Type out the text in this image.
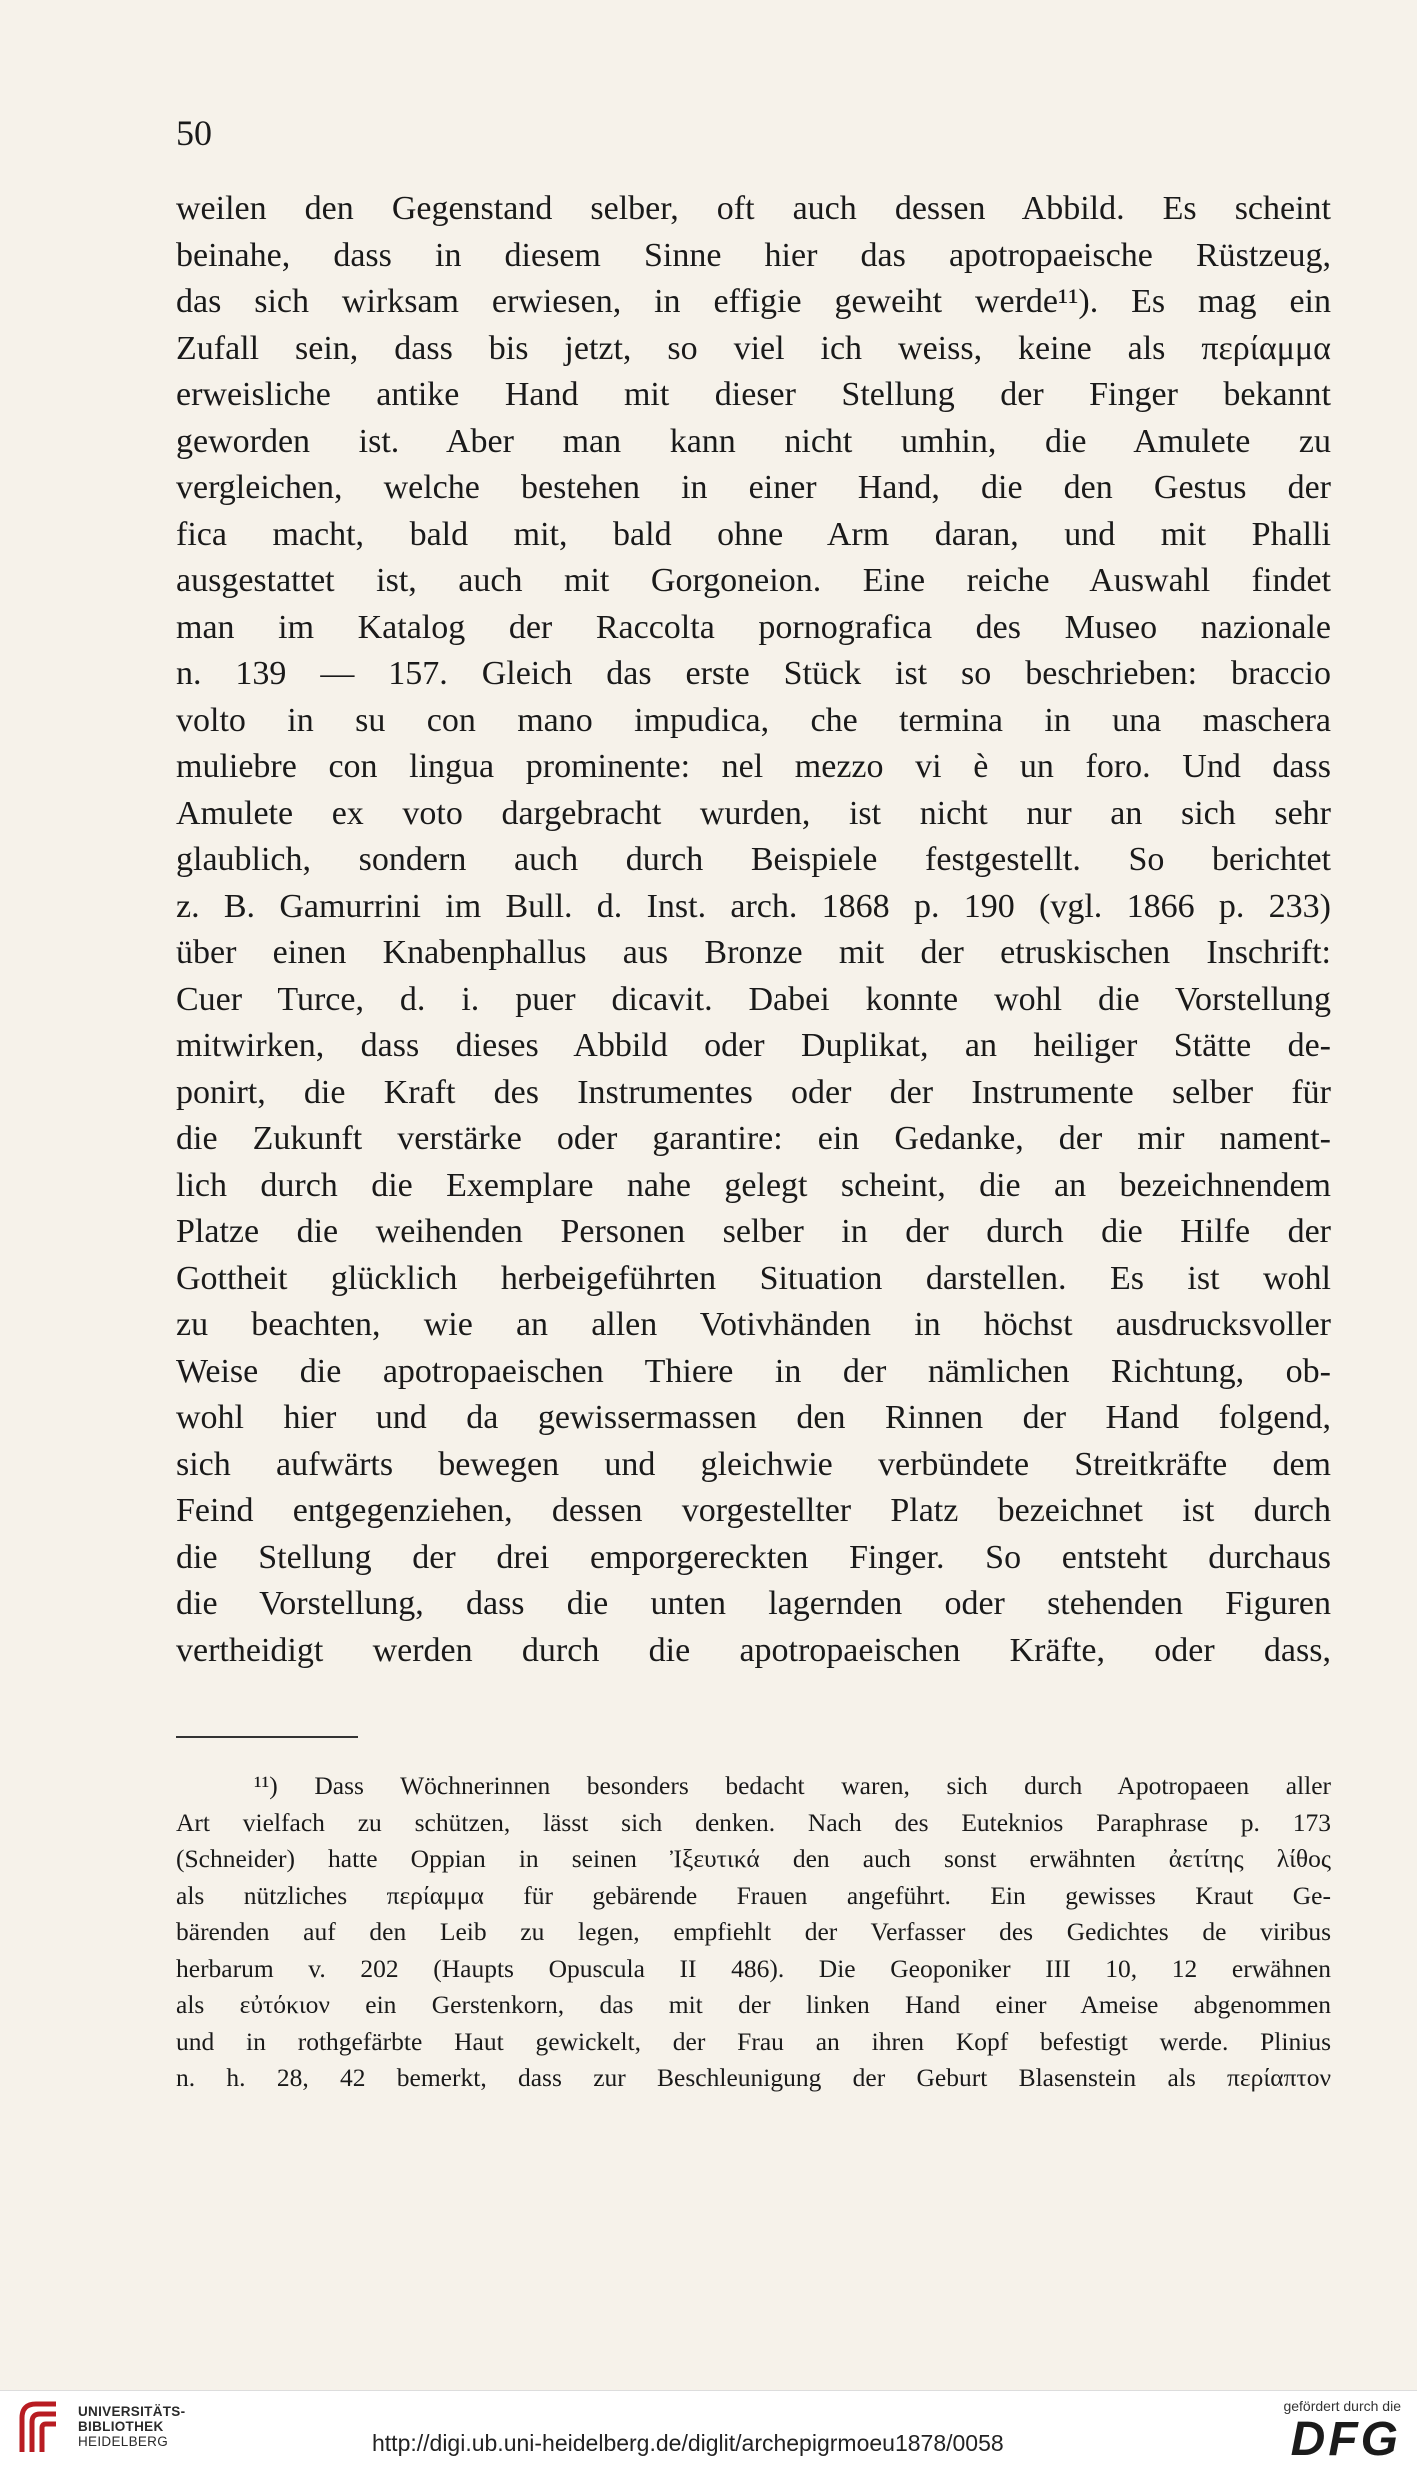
50
weilen den Gegenstand selber, oft auch dessen Abbild. Es scheint
beinahe, dass in diesem Sinne hier das apotropaeische Rüstzeug,
das sich wirksam erwiesen, in effigie geweiht werde¹¹). Es mag ein
Zufall sein, dass bis jetzt, so viel ich weiss, keine als περίαμμα
erweisliche antike Hand mit dieser Stellung der Finger bekannt
geworden ist. Aber man kann nicht umhin, die Amulete zu
vergleichen, welche bestehen in einer Hand, die den Gestus der
fica macht, bald mit, bald ohne Arm daran, und mit Phalli
ausgestattet ist, auch mit Gorgoneion. Eine reiche Auswahl findet
man im Katalog der Raccolta pornografica des Museo nazionale
n. 139 — 157. Gleich das erste Stück ist so beschrieben: braccio
volto in su con mano impudica, che termina in una maschera
muliebre con lingua prominente: nel mezzo vi è un foro. Und dass
Amulete ex voto dargebracht wurden, ist nicht nur an sich sehr
glaublich, sondern auch durch Beispiele festgestellt. So berichtet
z. B. Gamurrini im Bull. d. Inst. arch. 1868 p. 190 (vgl. 1866 p. 233)
über einen Knabenphallus aus Bronze mit der etruskischen Inschrift:
Cuer Turce, d. i. puer dicavit. Dabei konnte wohl die Vorstellung
mitwirken, dass dieses Abbild oder Duplikat, an heiliger Stätte de-
ponirt, die Kraft des Instrumentes oder der Instrumente selber für
die Zukunft verstärke oder garantire: ein Gedanke, der mir nament-
lich durch die Exemplare nahe gelegt scheint, die an bezeichnendem
Platze die weihenden Personen selber in der durch die Hilfe der
Gottheit glücklich herbeigeführten Situation darstellen. Es ist wohl
zu beachten, wie an allen Votivhänden in höchst ausdrucksvoller
Weise die apotropaeischen Thiere in der nämlichen Richtung, ob-
wohl hier und da gewissermassen den Rinnen der Hand folgend,
sich aufwärts bewegen und gleichwie verbündete Streitkräfte dem
Feind entgegenziehen, dessen vorgestellter Platz bezeichnet ist durch
die Stellung der drei emporgereckten Finger. So entsteht durchaus
die Vorstellung, dass die unten lagernden oder stehenden Figuren
vertheidigt werden durch die apotropaeischen Kräfte, oder dass,
¹¹) Dass Wöchnerinnen besonders bedacht waren, sich durch Apotropaeen aller
Art vielfach zu schützen, lässt sich denken. Nach des Euteknios Paraphrase p. 173
(Schneider) hatte Oppian in seinen Ἰξευτικά den auch sonst erwähnten ἀετίτης λίθος
als nützliches περίαμμα für gebärende Frauen angeführt. Ein gewisses Kraut Ge-
bärenden auf den Leib zu legen, empfiehlt der Verfasser des Gedichtes de viribus
herbarum v. 202 (Haupts Opuscula II 486). Die Geoponiker III 10, 12 erwähnen
als εὐτόκιον ein Gerstenkorn, das mit der linken Hand einer Ameise abgenommen
und in rothgefärbte Haut gewickelt, der Frau an ihren Kopf befestigt werde. Plinius
n. h. 28, 42 bemerkt, dass zur Beschleunigung der Geburt Blasenstein als περίαπτον
UNIVERSITÄTS-
BIBLIOTHEK
HEIDELBERG	http://digi.ub.uni-heidelberg.de/diglit/archepigrmoeu1878/0058
gefördert durch die
DFG
